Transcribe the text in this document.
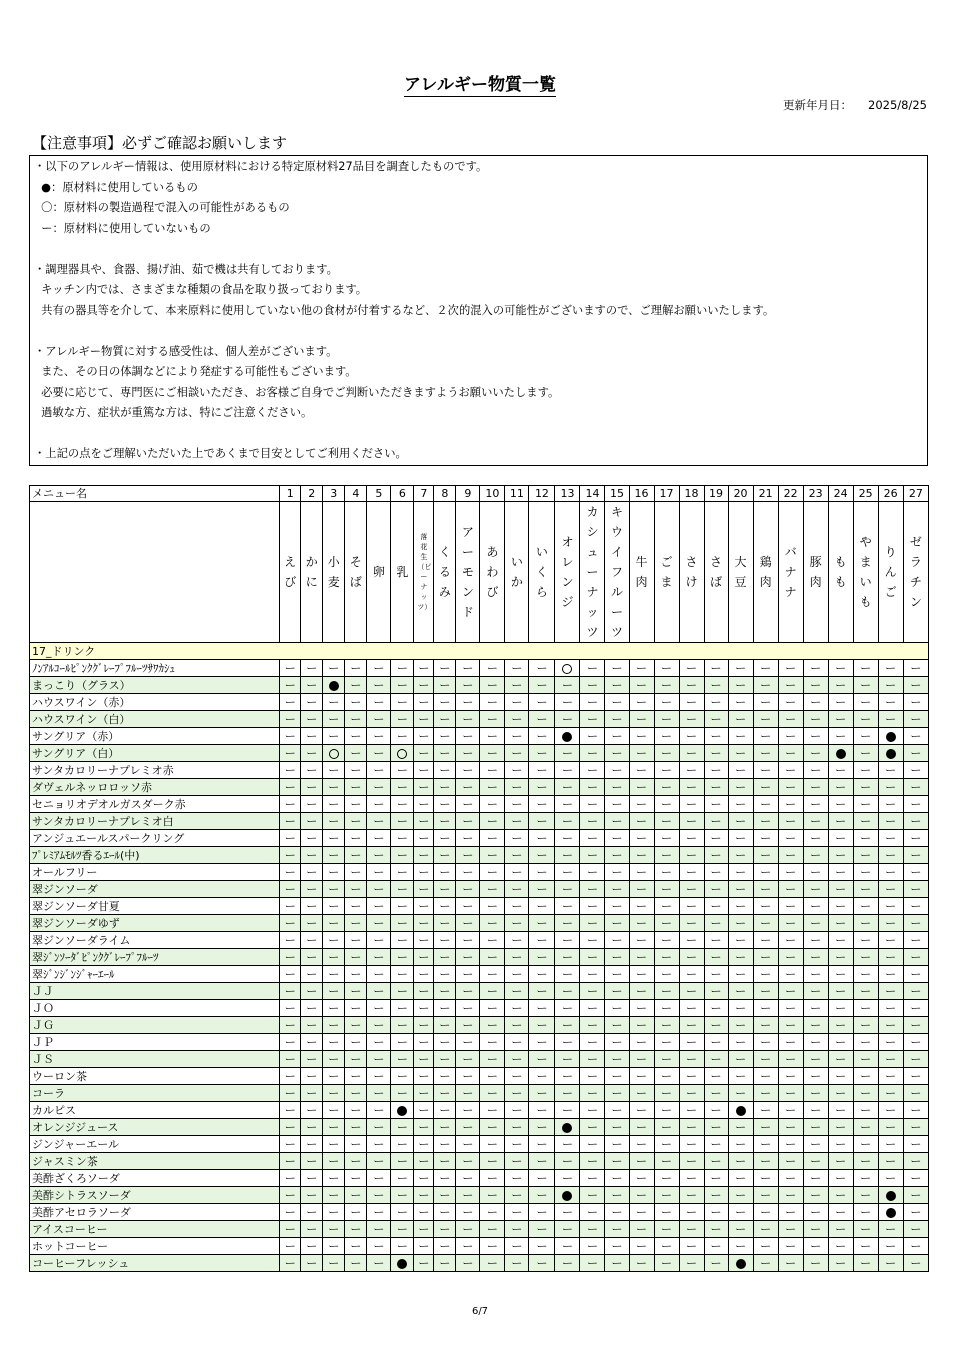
アレルギー物質一覧
更新年月日： 2025/8/25
【注意事項】必ずご確認お願いします
・以下のアレルギー情報は、使用原材料における特定原材料27品目を調査したものです。
●：原材料に使用しているもの
〇：原材料の製造過程で混入の可能性があるもの
ー：原材料に使用していないもの
・調理器具や、食器、揚げ油、茹で機は共有しております。
キッチン内では、さまざまな種類の食品を取り扱っております。
共有の器具等を介して、本来原料に使用していない他の食材が付着するなど、２次的混入の可能性がございますので、ご理解お願いいたします。
・アレルギー物質に対する感受性は、個人差がございます。
また、その日の体調などにより発症する可能性もございます。
必要に応じて、専門医にご相談いただき、お客様ご自身でご判断いただきますようお願いいたします。
過敏な方、症状が重篤な方は、特にご注意ください。
・上記の点をご理解いただいた上であくまで目安としてご利用ください。
メニュー名	1	2	3	4	5	6	7	8	9	10	11	12	13	14	15	16	17	18	19	20	21	22	23	24	25	26	27
	えび	かに	小麦	そば	卵	乳	落花生（ピーナッツ）	くるみ	アーモンド	あわび	いか	いくら	オレンジ	カシューナッツ	キウイフルーツ	牛肉	ごま	さけ	さば	大豆	鶏肉	バナナ	豚肉	もも	やまいも	りんご	ゼラチン
17_ドリンク																											
ﾉﾝｱﾙｺｰﾙﾋﾟﾝｸｸﾞﾚｰﾌﾟﾌﾙｰﾂｻﾜｶｼｭ	ー	ー	ー	ー	ー	ー	ー	ー	ー	ー	ー	ー		ー	ー	ー	ー	ー	ー	ー	ー	ー	ー	ー	ー	ー	ー
まっこり（グラス）	ー	ー		ー	ー	ー	ー	ー	ー	ー	ー	ー	ー	ー	ー	ー	ー	ー	ー	ー	ー	ー	ー	ー	ー	ー	ー
ハウスワイン（赤）	ー	ー	ー	ー	ー	ー	ー	ー	ー	ー	ー	ー	ー	ー	ー	ー	ー	ー	ー	ー	ー	ー	ー	ー	ー	ー	ー
ハウスワイン（白）	ー	ー	ー	ー	ー	ー	ー	ー	ー	ー	ー	ー	ー	ー	ー	ー	ー	ー	ー	ー	ー	ー	ー	ー	ー	ー	ー
サングリア（赤）	ー	ー	ー	ー	ー	ー	ー	ー	ー	ー	ー	ー		ー	ー	ー	ー	ー	ー	ー	ー	ー	ー	ー	ー		ー
サングリア（白）	ー	ー		ー	ー		ー	ー	ー	ー	ー	ー	ー	ー	ー	ー	ー	ー	ー	ー	ー	ー	ー		ー		ー
サンタカロリーナプレミオ赤	ー	ー	ー	ー	ー	ー	ー	ー	ー	ー	ー	ー	ー	ー	ー	ー	ー	ー	ー	ー	ー	ー	ー	ー	ー	ー	ー
ダヴェルネッロロッソ赤	ー	ー	ー	ー	ー	ー	ー	ー	ー	ー	ー	ー	ー	ー	ー	ー	ー	ー	ー	ー	ー	ー	ー	ー	ー	ー	ー
セニョリオデオルガスダーク赤	ー	ー	ー	ー	ー	ー	ー	ー	ー	ー	ー	ー	ー	ー	ー	ー	ー	ー	ー	ー	ー	ー	ー	ー	ー	ー	ー
サンタカロリーナプレミオ白	ー	ー	ー	ー	ー	ー	ー	ー	ー	ー	ー	ー	ー	ー	ー	ー	ー	ー	ー	ー	ー	ー	ー	ー	ー	ー	ー
アンジュエールスパークリング	ー	ー	ー	ー	ー	ー	ー	ー	ー	ー	ー	ー	ー	ー	ー	ー	ー	ー	ー	ー	ー	ー	ー	ー	ー	ー	ー
ﾌﾟﾚﾐｱﾑﾓﾙﾂ香るｴｰﾙ(中)	ー	ー	ー	ー	ー	ー	ー	ー	ー	ー	ー	ー	ー	ー	ー	ー	ー	ー	ー	ー	ー	ー	ー	ー	ー	ー	ー
オールフリー	ー	ー	ー	ー	ー	ー	ー	ー	ー	ー	ー	ー	ー	ー	ー	ー	ー	ー	ー	ー	ー	ー	ー	ー	ー	ー	ー
翠ジンソーダ	ー	ー	ー	ー	ー	ー	ー	ー	ー	ー	ー	ー	ー	ー	ー	ー	ー	ー	ー	ー	ー	ー	ー	ー	ー	ー	ー
翠ジンソーダ甘夏	ー	ー	ー	ー	ー	ー	ー	ー	ー	ー	ー	ー	ー	ー	ー	ー	ー	ー	ー	ー	ー	ー	ー	ー	ー	ー	ー
翠ジンソーダゆず	ー	ー	ー	ー	ー	ー	ー	ー	ー	ー	ー	ー	ー	ー	ー	ー	ー	ー	ー	ー	ー	ー	ー	ー	ー	ー	ー
翠ジンソーダライム	ー	ー	ー	ー	ー	ー	ー	ー	ー	ー	ー	ー	ー	ー	ー	ー	ー	ー	ー	ー	ー	ー	ー	ー	ー	ー	ー
翠ｼﾞﾝｿｰﾀﾞﾋﾟﾝｸｸﾞﾚｰﾌﾟﾌﾙｰﾂ	ー	ー	ー	ー	ー	ー	ー	ー	ー	ー	ー	ー	ー	ー	ー	ー	ー	ー	ー	ー	ー	ー	ー	ー	ー	ー	ー
翠ｼﾞﾝｼﾞﾝｼﾞｬｰｴｰﾙ	ー	ー	ー	ー	ー	ー	ー	ー	ー	ー	ー	ー	ー	ー	ー	ー	ー	ー	ー	ー	ー	ー	ー	ー	ー	ー	ー
ＪＪ	ー	ー	ー	ー	ー	ー	ー	ー	ー	ー	ー	ー	ー	ー	ー	ー	ー	ー	ー	ー	ー	ー	ー	ー	ー	ー	ー
ＪＯ	ー	ー	ー	ー	ー	ー	ー	ー	ー	ー	ー	ー	ー	ー	ー	ー	ー	ー	ー	ー	ー	ー	ー	ー	ー	ー	ー
ＪＧ	ー	ー	ー	ー	ー	ー	ー	ー	ー	ー	ー	ー	ー	ー	ー	ー	ー	ー	ー	ー	ー	ー	ー	ー	ー	ー	ー
ＪＰ	ー	ー	ー	ー	ー	ー	ー	ー	ー	ー	ー	ー	ー	ー	ー	ー	ー	ー	ー	ー	ー	ー	ー	ー	ー	ー	ー
ＪＳ	ー	ー	ー	ー	ー	ー	ー	ー	ー	ー	ー	ー	ー	ー	ー	ー	ー	ー	ー	ー	ー	ー	ー	ー	ー	ー	ー
ウーロン茶	ー	ー	ー	ー	ー	ー	ー	ー	ー	ー	ー	ー	ー	ー	ー	ー	ー	ー	ー	ー	ー	ー	ー	ー	ー	ー	ー
コーラ	ー	ー	ー	ー	ー	ー	ー	ー	ー	ー	ー	ー	ー	ー	ー	ー	ー	ー	ー	ー	ー	ー	ー	ー	ー	ー	ー
カルピス	ー	ー	ー	ー	ー		ー	ー	ー	ー	ー	ー	ー	ー	ー	ー	ー	ー	ー		ー	ー	ー	ー	ー	ー	ー
オレンジジュース	ー	ー	ー	ー	ー	ー	ー	ー	ー	ー	ー	ー		ー	ー	ー	ー	ー	ー	ー	ー	ー	ー	ー	ー	ー	ー
ジンジャーエール	ー	ー	ー	ー	ー	ー	ー	ー	ー	ー	ー	ー	ー	ー	ー	ー	ー	ー	ー	ー	ー	ー	ー	ー	ー	ー	ー
ジャスミン茶	ー	ー	ー	ー	ー	ー	ー	ー	ー	ー	ー	ー	ー	ー	ー	ー	ー	ー	ー	ー	ー	ー	ー	ー	ー	ー	ー
美酢ざくろソーダ	ー	ー	ー	ー	ー	ー	ー	ー	ー	ー	ー	ー	ー	ー	ー	ー	ー	ー	ー	ー	ー	ー	ー	ー	ー	ー	ー
美酢シトラスソーダ	ー	ー	ー	ー	ー	ー	ー	ー	ー	ー	ー	ー		ー	ー	ー	ー	ー	ー	ー	ー	ー	ー	ー	ー		ー
美酢アセロラソーダ	ー	ー	ー	ー	ー	ー	ー	ー	ー	ー	ー	ー	ー	ー	ー	ー	ー	ー	ー	ー	ー	ー	ー	ー	ー		ー
アイスコーヒー	ー	ー	ー	ー	ー	ー	ー	ー	ー	ー	ー	ー	ー	ー	ー	ー	ー	ー	ー	ー	ー	ー	ー	ー	ー	ー	ー
ホットコーヒー	ー	ー	ー	ー	ー	ー	ー	ー	ー	ー	ー	ー	ー	ー	ー	ー	ー	ー	ー	ー	ー	ー	ー	ー	ー	ー	ー
コーヒーフレッシュ	ー	ー	ー	ー	ー		ー	ー	ー	ー	ー	ー	ー	ー	ー	ー	ー	ー	ー		ー	ー	ー	ー	ー	ー	ー
6/7
